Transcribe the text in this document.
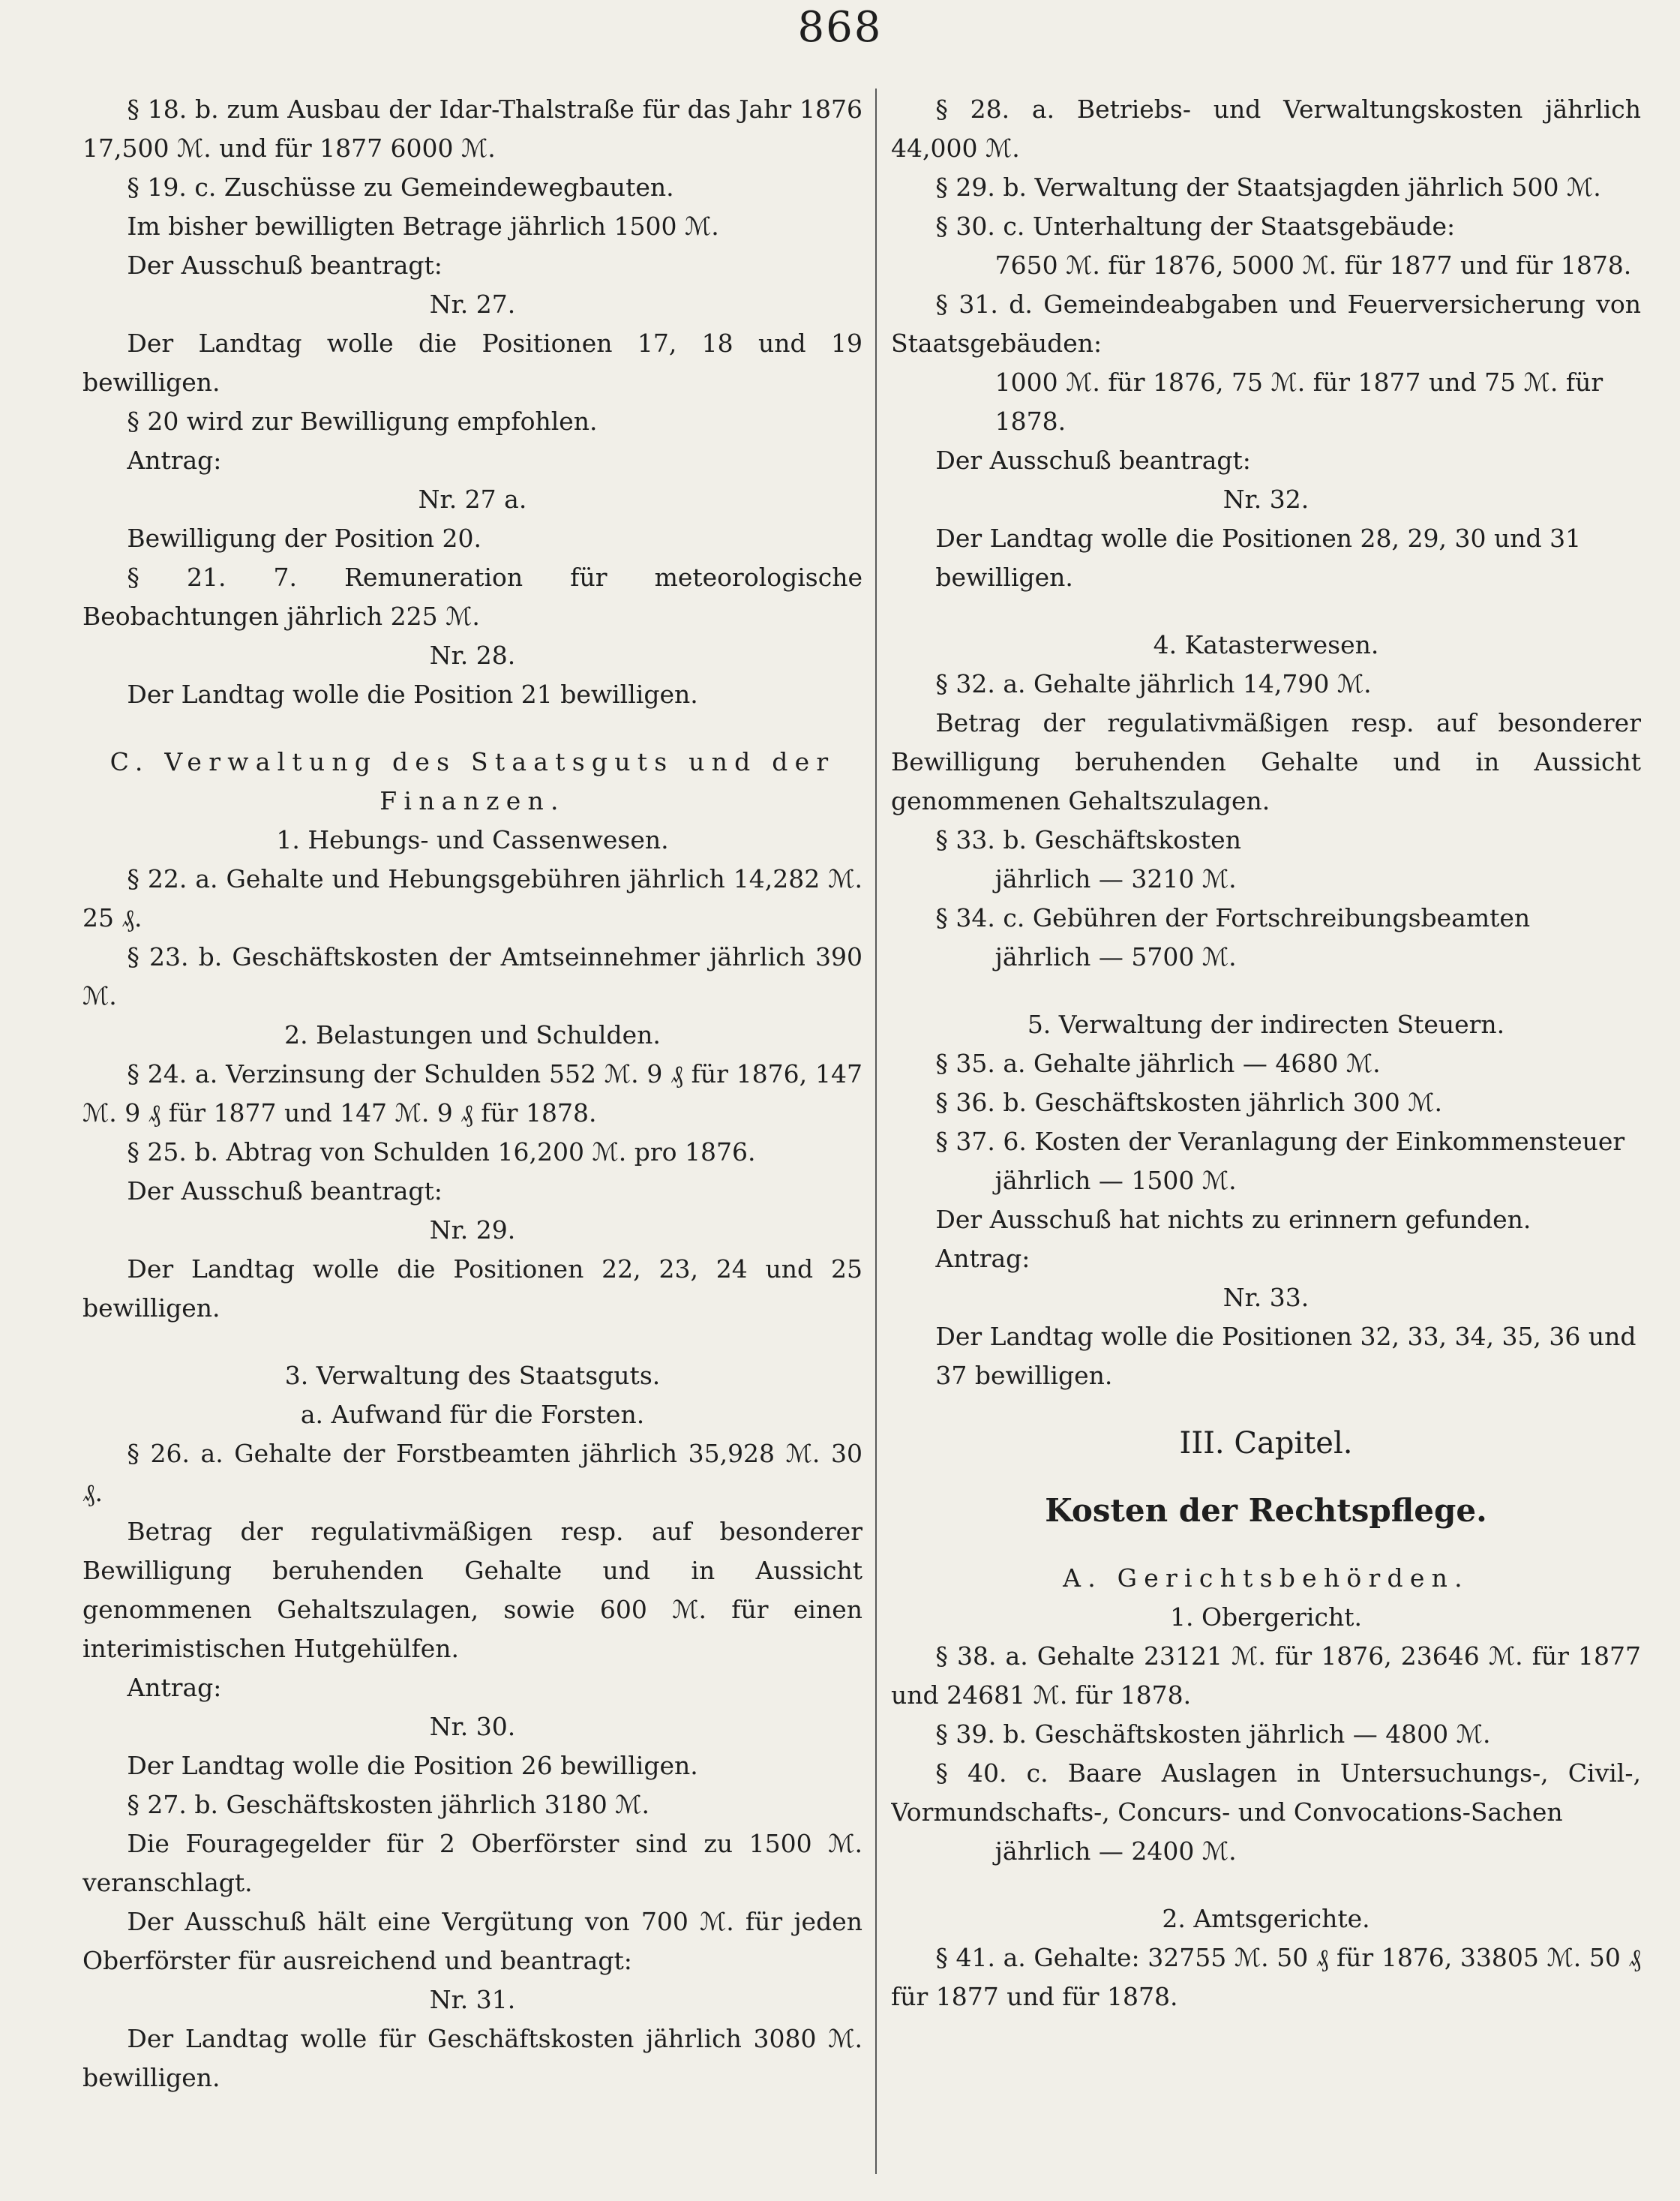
868

§ 18. b. zum Ausbau der Idar-Thalstraße für das Jahr 1876 17,500 ℳ. und für 1877 6000 ℳ.

§ 19. c. Zuschüsse zu Gemeindewegbauten.

Im bisher bewilligten Betrage jährlich 1500 ℳ.

Der Ausschuß beantragt:

Nr. 27.

Der Landtag wolle die Positionen 17, 18 und 19 bewilligen.

§ 20 wird zur Bewilligung empfohlen.

Antrag:

Nr. 27 a.

Bewilligung der Position 20.

§ 21. 7. Remuneration für meteorologische Beobachtungen jährlich 225 ℳ.

Nr. 28.

Der Landtag wolle die Position 21 bewilligen.

C. Verwaltung des Staatsguts und der Finanzen.

1. Hebungs- und Cassenwesen.

§ 22. a. Gehalte und Hebungsgebühren jährlich 14,282 ℳ. 25 ₰.

§ 23. b. Geschäftskosten der Amtseinnehmer jährlich 390 ℳ.

2. Belastungen und Schulden.

§ 24. a. Verzinsung der Schulden 552 ℳ. 9 ₰ für 1876, 147 ℳ. 9 ₰ für 1877 und 147 ℳ. 9 ₰ für 1878.

§ 25. b. Abtrag von Schulden 16,200 ℳ. pro 1876.

Der Ausschuß beantragt:

Nr. 29.

Der Landtag wolle die Positionen 22, 23, 24 und 25 bewilligen.

3. Verwaltung des Staatsguts.

a. Aufwand für die Forsten.

§ 26. a. Gehalte der Forstbeamten jährlich 35,928 ℳ. 30 ₰.

Betrag der regulativmäßigen resp. auf besonderer Bewilligung beruhenden Gehalte und in Aussicht genommenen Gehaltszulagen, sowie 600 ℳ. für einen interimistischen Hutgehülfen.

Antrag:

Nr. 30.

Der Landtag wolle die Position 26 bewilligen.

§ 27. b. Geschäftskosten jährlich 3180 ℳ.

Die Fouragegelder für 2 Oberförster sind zu 1500 ℳ. veranschlagt.

Der Ausschuß hält eine Vergütung von 700 ℳ. für jeden Oberförster für ausreichend und beantragt:

Nr. 31.

Der Landtag wolle für Geschäftskosten jährlich 3080 ℳ. bewilligen.

§ 28. a. Betriebs- und Verwaltungskosten jährlich 44,000 ℳ.

§ 29. b. Verwaltung der Staatsjagden jährlich 500 ℳ.

§ 30. c. Unterhaltung der Staatsgebäude:

7650 ℳ. für 1876, 5000 ℳ. für 1877 und für 1878.

§ 31. d. Gemeindeabgaben und Feuerversicherung von Staatsgebäuden:

1000 ℳ. für 1876, 75 ℳ. für 1877 und 75 ℳ. für 1878.

Der Ausschuß beantragt:

Nr. 32.

Der Landtag wolle die Positionen 28, 29, 30 und 31 bewilligen.

4. Katasterwesen.

§ 32. a. Gehalte jährlich 14,790 ℳ.

Betrag der regulativmäßigen resp. auf besonderer Bewilligung beruhenden Gehalte und in Aussicht genommenen Gehaltszulagen.

§ 33. b. Geschäftskosten

jährlich — 3210 ℳ.

§ 34. c. Gebühren der Fortschreibungsbeamten

jährlich — 5700 ℳ.

5. Verwaltung der indirecten Steuern.

§ 35. a. Gehalte jährlich — 4680 ℳ.

§ 36. b. Geschäftskosten jährlich 300 ℳ.

§ 37. 6. Kosten der Veranlagung der Einkommensteuer

jährlich — 1500 ℳ.

Der Ausschuß hat nichts zu erinnern gefunden.

Antrag:

Nr. 33.

Der Landtag wolle die Positionen 32, 33, 34, 35, 36 und 37 bewilligen.

III. Capitel.

Kosten der Rechtspflege.

A. Gerichtsbehörden.

1. Obergericht.

§ 38. a. Gehalte 23121 ℳ. für 1876, 23646 ℳ. für 1877 und 24681 ℳ. für 1878.

§ 39. b. Geschäftskosten jährlich — 4800 ℳ.

§ 40. c. Baare Auslagen in Untersuchungs-, Civil-, Vormundschafts-, Concurs- und Convocations-Sachen

jährlich — 2400 ℳ.

2. Amtsgerichte.

§ 41. a. Gehalte: 32755 ℳ. 50 ₰ für 1876, 33805 ℳ. 50 ₰ für 1877 und für 1878.
